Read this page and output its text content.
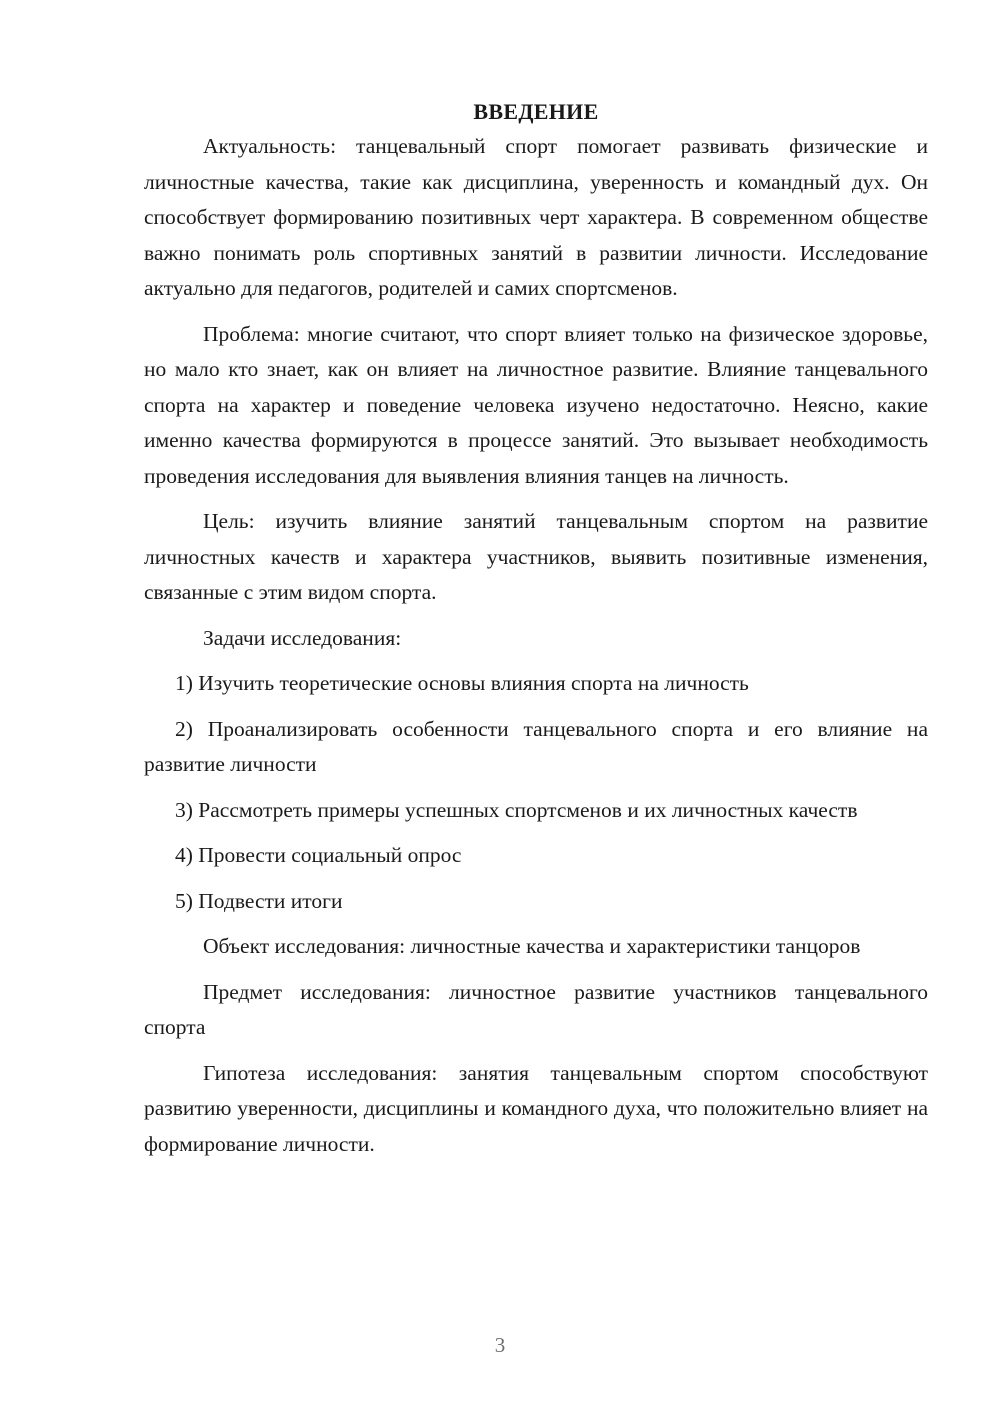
ВВЕДЕНИЕ

Актуальность: танцевальный спорт помогает развивать физические и личностные качества, такие как дисциплина, уверенность и командный дух. Он способствует формированию позитивных черт характера. В современном обществе важно понимать роль спортивных занятий в развитии личности. Исследование актуально для педагогов, родителей и самих спортсменов.

Проблема: многие считают, что спорт влияет только на физическое здоровье, но мало кто знает, как он влияет на личностное развитие. Влияние танцевального спорта на характер и поведение человека изучено недостаточно. Неясно, какие именно качества формируются в процессе занятий. Это вызывает необходимость проведения исследования для выявления влияния танцев на личность.

Цель: изучить влияние занятий танцевальным спортом на развитие личностных качеств и характера участников, выявить позитивные изменения, связанные с этим видом спорта.

Задачи исследования:

1) Изучить теоретические основы влияния спорта на личность

2) Проанализировать особенности танцевального спорта и его влияние на развитие личности

3) Рассмотреть примеры успешных спортсменов и их личностных качеств

4) Провести социальный опрос

5) Подвести итоги

Объект исследования: личностные качества и характеристики танцоров

Предмет исследования: личностное развитие участников танцевального спорта

Гипотеза исследования: занятия танцевальным спортом способствуют развитию уверенности, дисциплины и командного духа, что положительно влияет на формирование личности.

3
